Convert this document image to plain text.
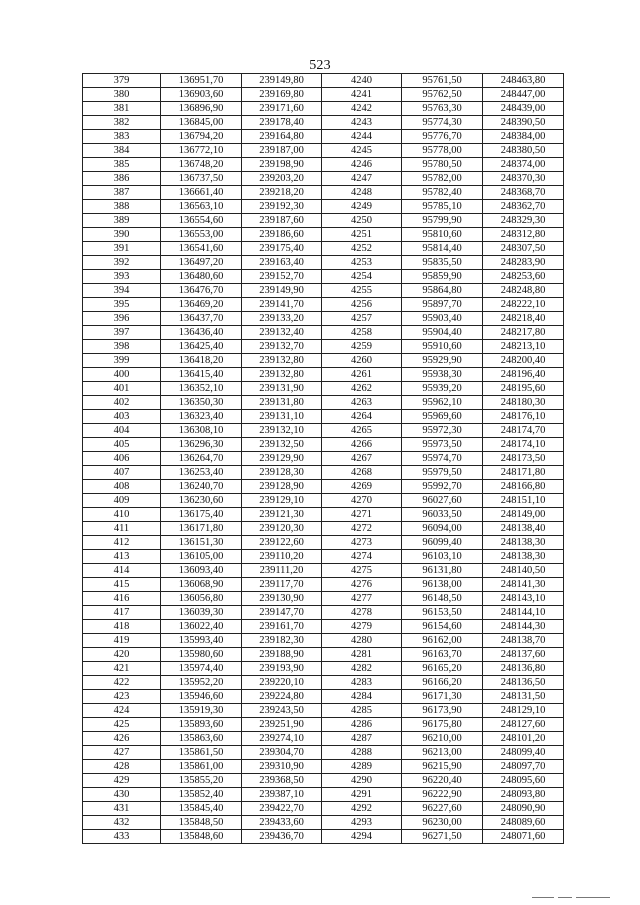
523
379	136951,70	239149,80	4240	95761,50	248463,80
380	136903,60	239169,80	4241	95762,50	248447,00
381	136896,90	239171,60	4242	95763,30	248439,00
382	136845,00	239178,40	4243	95774,30	248390,50
383	136794,20	239164,80	4244	95776,70	248384,00
384	136772,10	239187,00	4245	95778,00	248380,50
385	136748,20	239198,90	4246	95780,50	248374,00
386	136737,50	239203,20	4247	95782,00	248370,30
387	136661,40	239218,20	4248	95782,40	248368,70
388	136563,10	239192,30	4249	95785,10	248362,70
389	136554,60	239187,60	4250	95799,90	248329,30
390	136553,00	239186,60	4251	95810,60	248312,80
391	136541,60	239175,40	4252	95814,40	248307,50
392	136497,20	239163,40	4253	95835,50	248283,90
393	136480,60	239152,70	4254	95859,90	248253,60
394	136476,70	239149,90	4255	95864,80	248248,80
395	136469,20	239141,70	4256	95897,70	248222,10
396	136437,70	239133,20	4257	95903,40	248218,40
397	136436,40	239132,40	4258	95904,40	248217,80
398	136425,40	239132,70	4259	95910,60	248213,10
399	136418,20	239132,80	4260	95929,90	248200,40
400	136415,40	239132,80	4261	95938,30	248196,40
401	136352,10	239131,90	4262	95939,20	248195,60
402	136350,30	239131,80	4263	95962,10	248180,30
403	136323,40	239131,10	4264	95969,60	248176,10
404	136308,10	239132,10	4265	95972,30	248174,70
405	136296,30	239132,50	4266	95973,50	248174,10
406	136264,70	239129,90	4267	95974,70	248173,50
407	136253,40	239128,30	4268	95979,50	248171,80
408	136240,70	239128,90	4269	95992,70	248166,80
409	136230,60	239129,10	4270	96027,60	248151,10
410	136175,40	239121,30	4271	96033,50	248149,00
411	136171,80	239120,30	4272	96094,00	248138,40
412	136151,30	239122,60	4273	96099,40	248138,30
413	136105,00	239110,20	4274	96103,10	248138,30
414	136093,40	239111,20	4275	96131,80	248140,50
415	136068,90	239117,70	4276	96138,00	248141,30
416	136056,80	239130,90	4277	96148,50	248143,10
417	136039,30	239147,70	4278	96153,50	248144,10
418	136022,40	239161,70	4279	96154,60	248144,30
419	135993,40	239182,30	4280	96162,00	248138,70
420	135980,60	239188,90	4281	96163,70	248137,60
421	135974,40	239193,90	4282	96165,20	248136,80
422	135952,20	239220,10	4283	96166,20	248136,50
423	135946,60	239224,80	4284	96171,30	248131,50
424	135919,30	239243,50	4285	96173,90	248129,10
425	135893,60	239251,90	4286	96175,80	248127,60
426	135863,60	239274,10	4287	96210,00	248101,20
427	135861,50	239304,70	4288	96213,00	248099,40
428	135861,00	239310,90	4289	96215,90	248097,70
429	135855,20	239368,50	4290	96220,40	248095,60
430	135852,40	239387,10	4291	96222,90	248093,80
431	135845,40	239422,70	4292	96227,60	248090,90
432	135848,50	239433,60	4293	96230,00	248089,60
433	135848,60	239436,70	4294	96271,50	248071,60
